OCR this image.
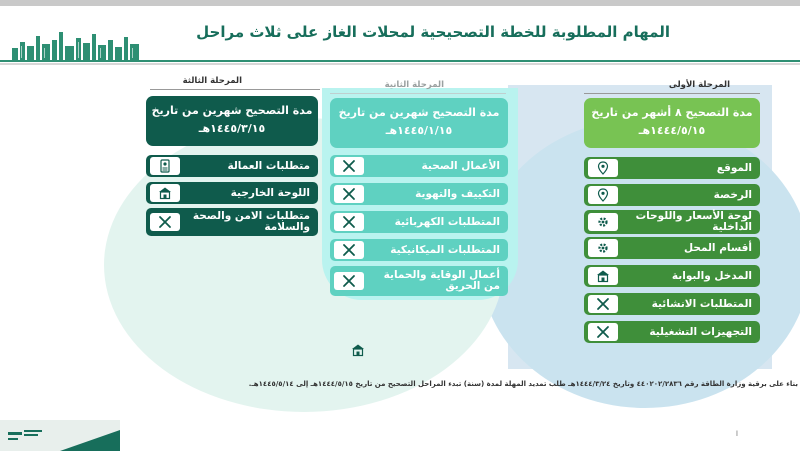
المهام المطلوبة للخطة التصحيحية لمحلات الغاز على ثلاث مراحل
المرحلة الثالثة	المرحلة الثانية	المرحلة الأولى
مدة التصحيح شهرين من تاريخ
١٤٤٥/٣/١٥هـ
مدة التصحيح شهرين من تاريخ
١٤٤٥/١/١٥هـ
مدة التصحيح ٨ أشهر من تاريخ
١٤٤٤/٥/١٥هـ
متطلبات العمالة
اللوحة الخارجية
متطلبات الامن والصحة والسلامة
الأعمال الصحية
التكييف والتهوية
المتطلبات الكهربائية
المتطلبات الميكانيكية
أعمال الوقاية والحماية من الحريق
الموقع
الرخصة
لوحة الأسعار واللوحات الداخلية
أقسام المحل
المدخل والبوابة
المتطلبات الانشائية
التجهيزات التشغيلية
بناء على برقية وزارة الطاقة رقم ٤٤٠٢٠٢/٢٨٣٦ وتاريخ ١٤٤٤/٣/٢٤هـ طلب تمديد المهلة لمدة (سنة) تبدء المراحل التصحيح من تاريخ ١٤٤٤/٥/١٥هـ إلى ١٤٤٥/٥/١٤هـ.
ا
